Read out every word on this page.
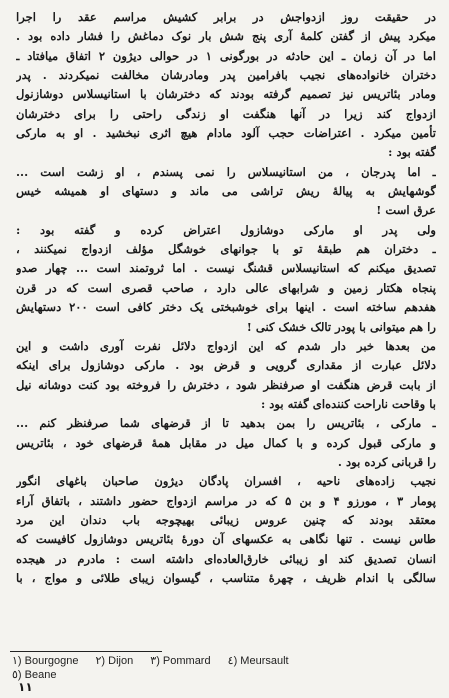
در حقیقت روز ازدواجش در برابر کشیش مراسم عقد را اجرا
میکرد پیش از گفتن کلمهٔ آری پنج شش بار نوک دماغش را فشار داده بود .
اما در آن زمان ـ این حادثه در بورگونی ۱ در حوالی دیژون ۲ اتفاق میافتاد ـ
دختران خانواده‌های نجیب بافرامین پدر ومادرشان مخالفت نمیکردند . پدر
ومادر بئاتریس نیز تصمیم گرفته بودند که دخترشان با استانیسلاس دوشازنول
ازدواج کند زیرا در آنها هنگفت او زندگی راحتی را برای دخترشان
تأمین میکرد . اعتراضات حجب آلود مادام هیچ اثری نبخشید . او به مارکی
گفته بود :

ـ اما پدرجان ، من استانیسلاس را نمی پسندم ، او زشت است ...
گوشهایش به پیالهٔ ریش تراشی می ماند و دستهای او همیشه خیس
عرق است !

ولی پدر او مارکی دوشازول اعتراض کرده و گفته بود :
ـ دختران هم طبقهٔ تو با جوانهای خوشگل مؤلف ازدواج نمیکنند ،
تصدیق میکنم که استانیسلاس قشنگ نیست . اما ثروتمند است ... چهار صدو
پنجاه هکتار زمین و شرابهای عالی دارد ، صاحب قصری است که در قرن
هفدهم ساخته است . اینها برای خوشبختی یک دختر کافی است ۲۰۰ دستهایش
را هم میتوانی با پودر تالک خشک کنی !

من بعدها خبر دار شدم که این ازدواج دلائل نفرت آوری داشت و این
دلائل عبارت از مقداری گرویی و قرض بود . مارکی دوشازول برای اینکه
از بابت قرض هنگفت او صرفنظر شود ، دخترش را فروخته بود کنت دوشانه نیل
با وقاحت ناراحت کننده‌ای گفته بود :

ـ مارکی ، بئاتریس را بمن بدهید تا از قرضهای شما صرفنظر کنم ...
و مارکی قبول کرده و با کمال میل در مقابل همهٔ قرضهای خود ، بئاتریس
را قربانی کرده بود .

نجیب زاده‌های ناحیه ، افسران پادگان دیژون صاحبان باغهای انگور
پومار ۳ ، مورزو ۴ و بن ۵ که در مراسم ازدواج حضور داشتند ، باتفاق آراء
معتقد بودند که چنین عروس زیبائی بهیچوجه باب دندان این مرد
طاس نیست . تنها نگاهی به عکسهای آن دورهٔ بئاتریس دوشازول کافیست که
انسان تصدیق کند او زیبائی خارق‌العاده‌ای داشته است : مادرم در هیجده
سالگی با اندام ظریف ، چهرهٔ متناسب ، گیسوان زیبای طلائی و مواج ، با

۱) Bourgogne ۲) Dijon ۳) Pommard ٤) Meursault
٥) Beane
۱۱
